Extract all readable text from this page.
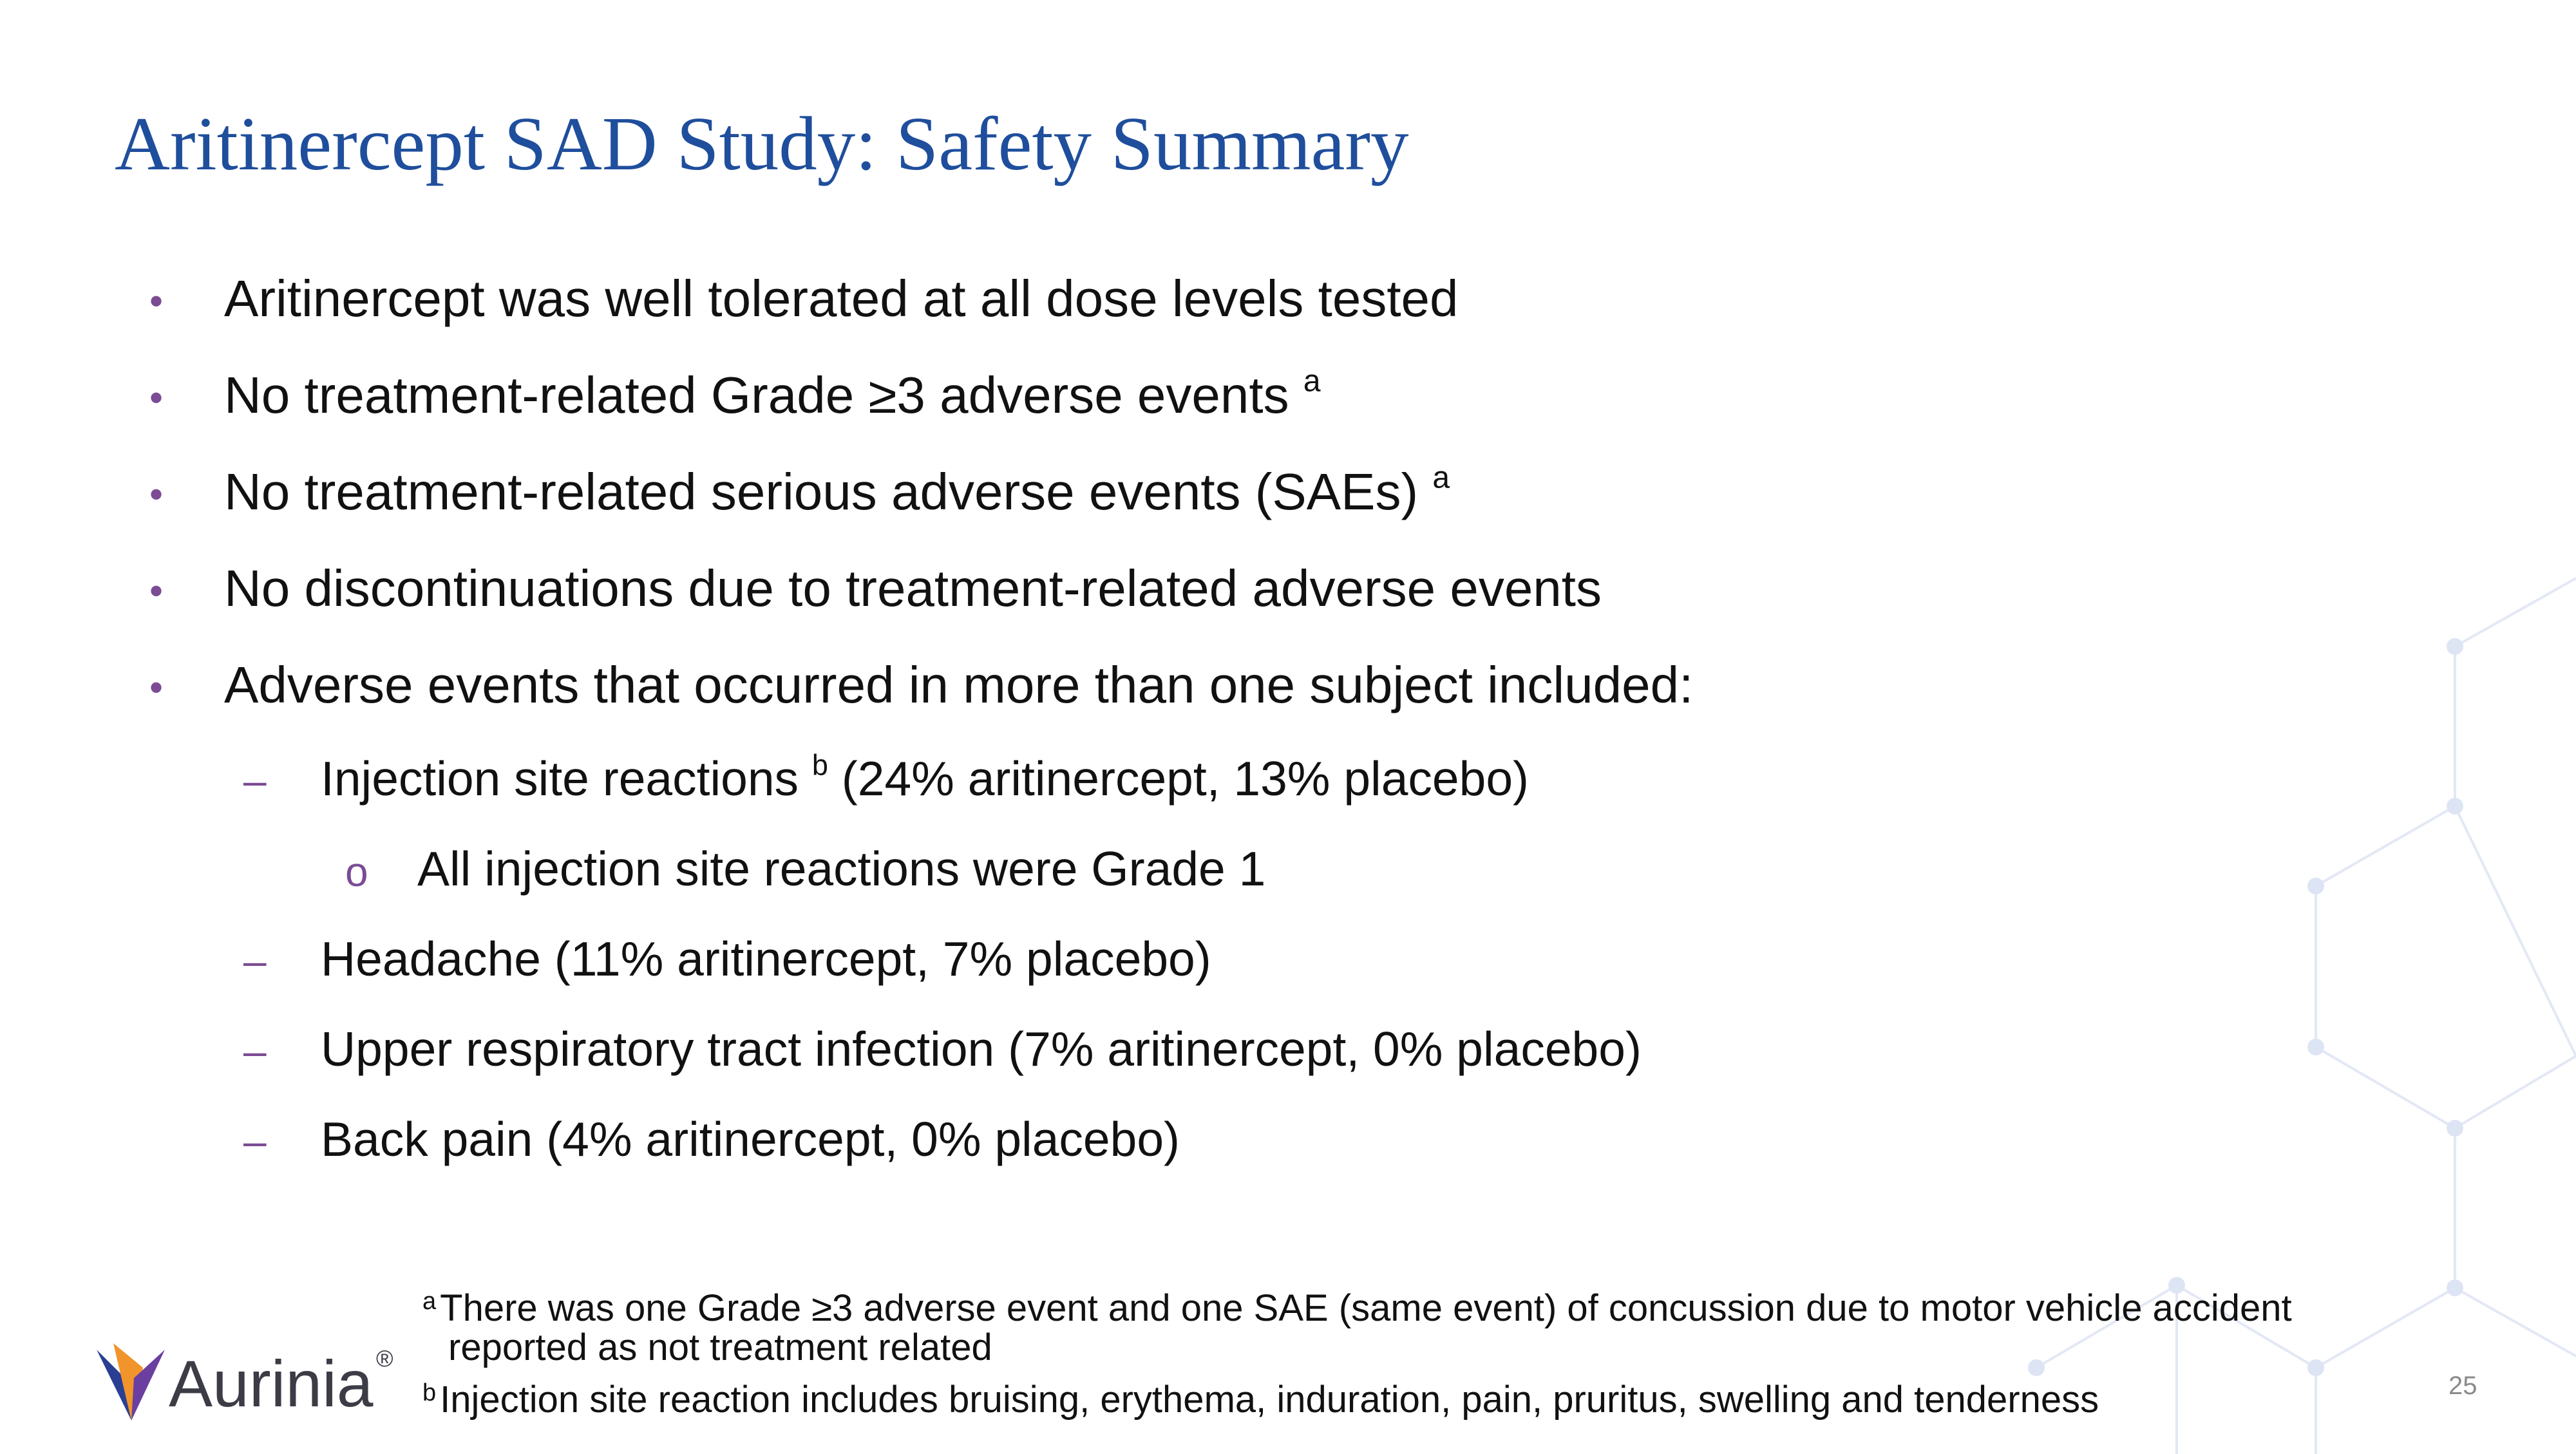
Aritinercept SAD Study: Safety Summary
• Aritinercept was well tolerated at all dose levels tested
• No treatment-related Grade ≥3 adverse events $^a$
• No treatment-related serious adverse events (SAEs) $^a$
• No discontinuations due to treatment-related adverse events
• Adverse events that occurred in more than one subject included:
– Injection site reactions $^b$ (24% aritinercept, 13% placebo)
o All injection site reactions were Grade 1
– Headache (11% aritinercept, 7% placebo)
– Upper respiratory tract infection (7% aritinercept, 0% placebo)
– Back pain (4% aritinercept, 0% placebo)
$^a$ There was one Grade ≥3 adverse event and one SAE (same event) of concussion due to motor vehicle accident
reported as not treatment related
$^b$ Injection site reaction includes bruising, erythema, induration, pain, pruritus, swelling and tenderness
Aurinia ®
25
